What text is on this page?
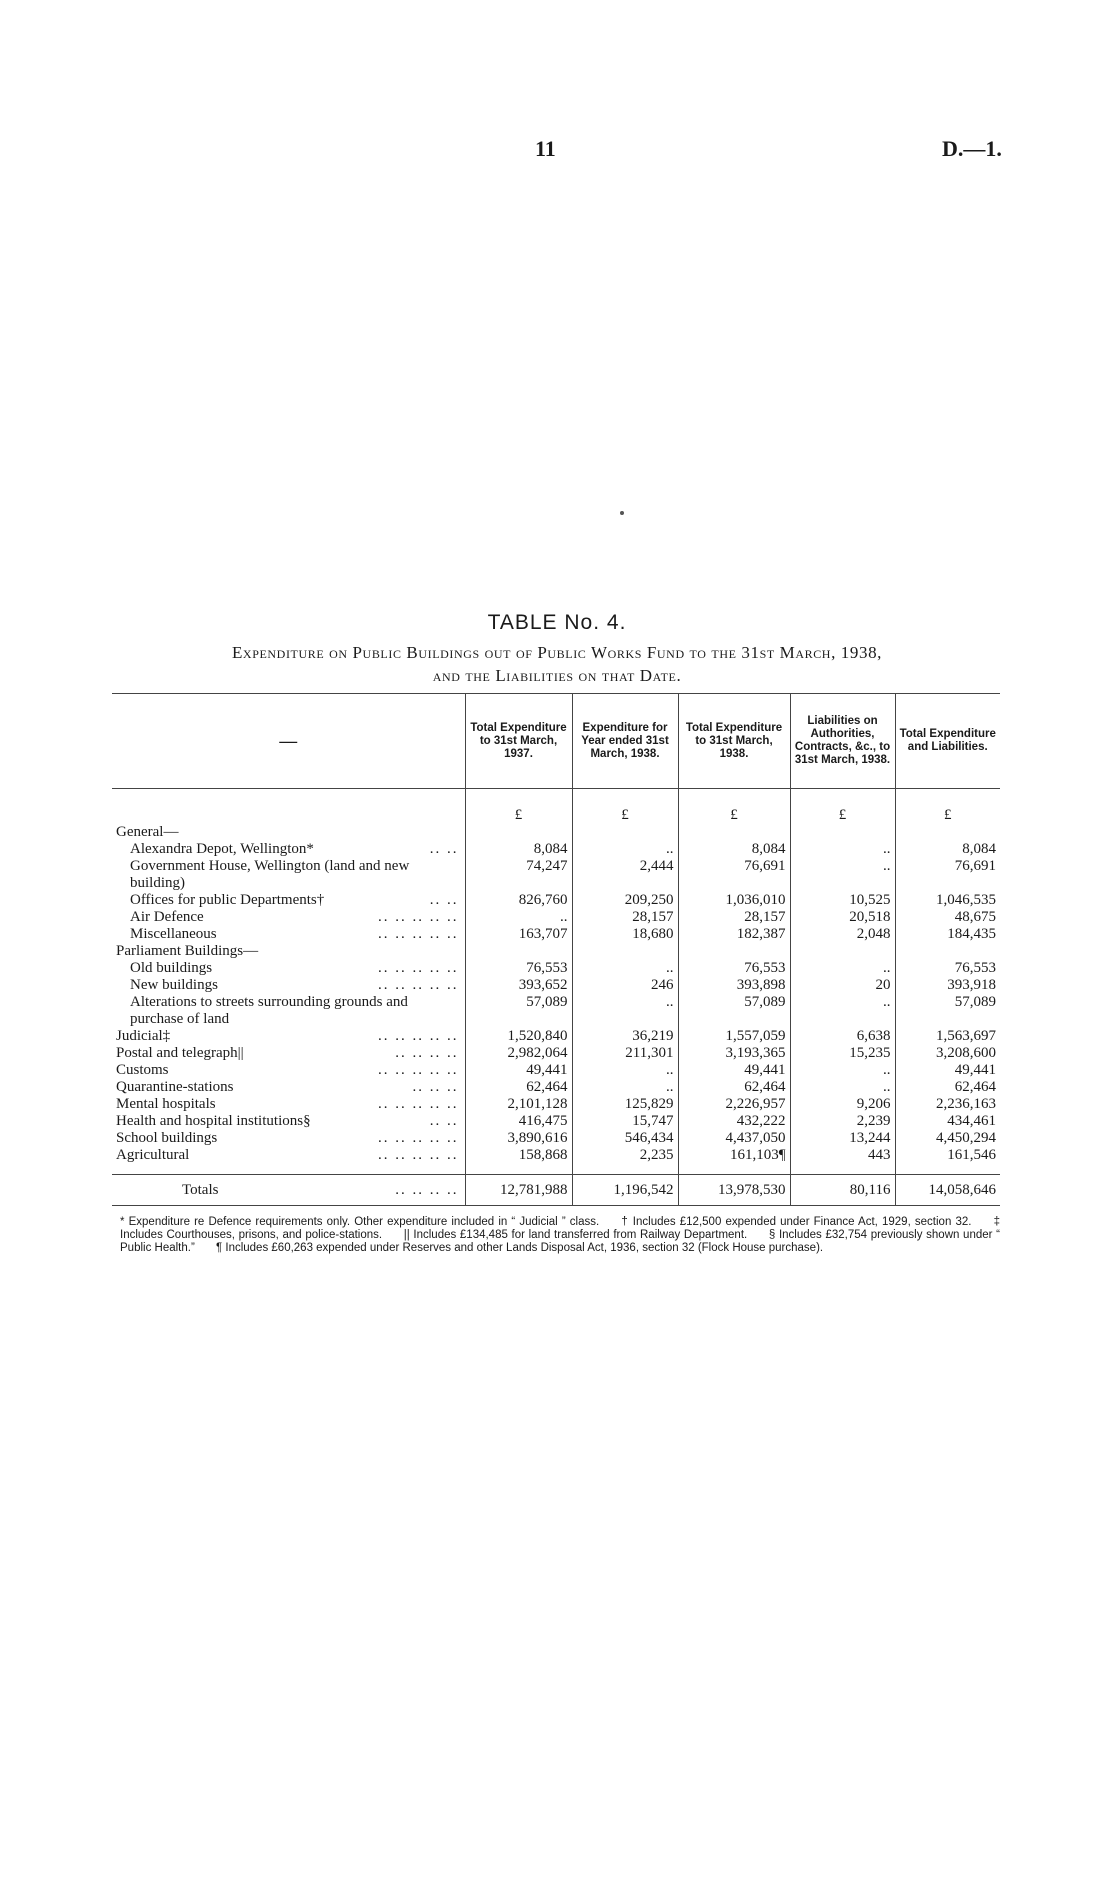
11	D.—1.
TABLE No. 4.
Expenditure on Public Buildings out of Public Works Fund to the 31st March, 1938,
and the Liabilities on that Date.
—	Total Expenditure to 31st March, 1937.	Expenditure for Year ended 31st March, 1938.	Total Expenditure to 31st March, 1938.	Liabilities on Authorities, Contracts, &c., to 31st March, 1938.	Total Expenditure and Liabilities.

	£	£	£	£	£
General—					
Alexandra Depot, Wellington* .. ..	8,084	..	8,084	..	8,084
Government House, Wellington (land and new building)	74,247	2,444	76,691	..	76,691
Offices for public Departments† .. ..	826,760	209,250	1,036,010	10,525	1,046,535
Air Defence .. .. .. .. ..	..	28,157	28,157	20,518	48,675
Miscellaneous .. .. .. .. ..	163,707	18,680	182,387	2,048	184,435
Parliament Buildings—					
Old buildings .. .. .. .. ..	76,553	..	76,553	..	76,553
New buildings .. .. .. .. ..	393,652	246	393,898	20	393,918
Alterations to streets surrounding grounds and purchase of land	57,089	..	57,089	..	57,089
Judicial‡ .. .. .. .. ..	1,520,840	36,219	1,557,059	6,638	1,563,697
Postal and telegraph|| .. .. .. ..	2,982,064	211,301	3,193,365	15,235	3,208,600
Customs .. .. .. .. ..	49,441	..	49,441	..	49,441
Quarantine-stations .. .. ..	62,464	..	62,464	..	62,464
Mental hospitals .. .. .. .. ..	2,101,128	125,829	2,226,957	9,206	2,236,163
Health and hospital institutions§ .. ..	416,475	15,747	432,222	2,239	434,461
School buildings .. .. .. .. ..	3,890,616	546,434	4,437,050	13,244	4,450,294
Agricultural .. .. .. .. ..	158,868	2,235	161,103¶	443	161,546

Totals .. .. .. ..	12,781,988	1,196,542	13,978,530	80,116	14,058,646
* Expenditure re Defence requirements only. Other expenditure included in “ Judicial ” class. † Includes £12,500 expended under Finance Act, 1929, section 32. ‡ Includes Courthouses, prisons, and police-stations. || Includes £134,485 for land transferred from Railway Department. § Includes £32,754 previously shown under “ Public Health.” ¶ Includes £60,263 expended under Reserves and other Lands Disposal Act, 1936, section 32 (Flock House purchase).
